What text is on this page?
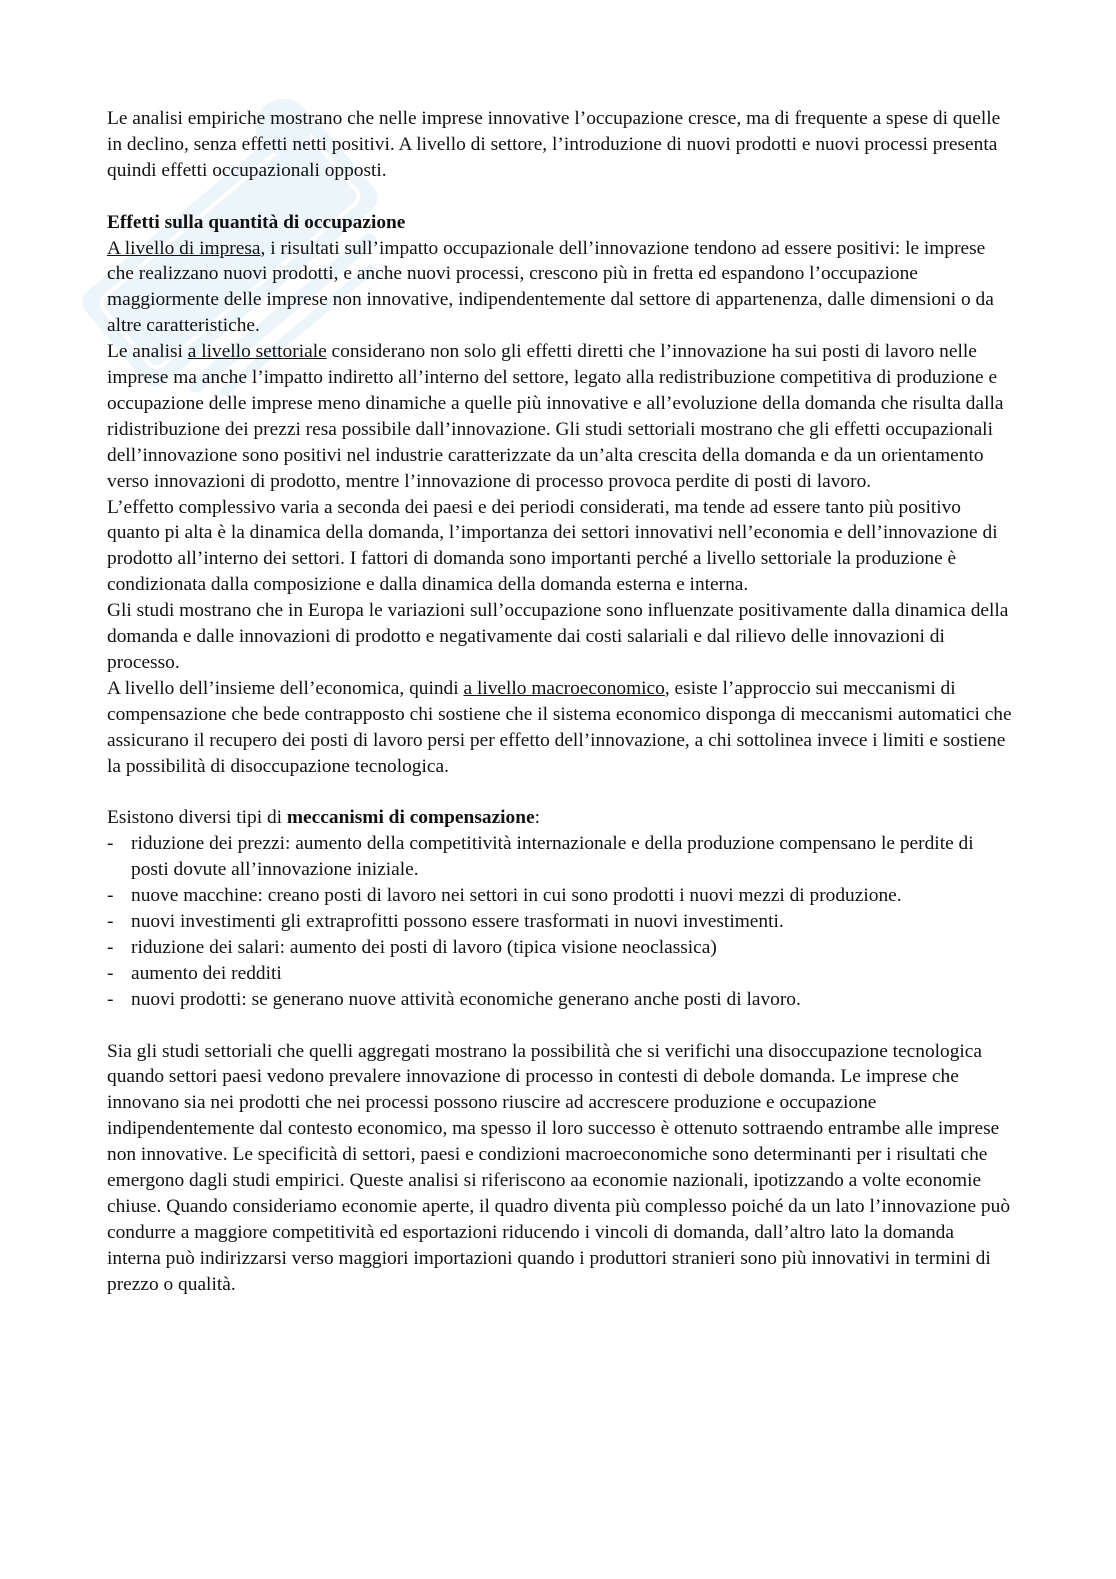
Le analisi empiriche mostrano che nelle imprese innovative l’occupazione cresce, ma di frequente a spese di quelle in declino, senza effetti netti positivi. A livello di settore, l’introduzione di nuovi prodotti e nuovi processi presenta quindi effetti occupazionali opposti.

Effetti sulla quantità di occupazione

A livello di impresa, i risultati sull’impatto occupazionale dell’innovazione tendono ad essere positivi: le imprese che realizzano nuovi prodotti, e anche nuovi processi, crescono più in fretta ed espandono l’occupazione maggiormente delle imprese non innovative, indipendentemente dal settore di appartenenza, dalle dimensioni o da altre caratteristiche.

Le analisi a livello settoriale considerano non solo gli effetti diretti che l’innovazione ha sui posti di lavoro nelle imprese ma anche l’impatto indiretto all’interno del settore, legato alla redistribuzione competitiva di produzione e occupazione delle imprese meno dinamiche a quelle più innovative e all’evoluzione della domanda che risulta dalla ridistribuzione dei prezzi resa possibile dall’innovazione. Gli studi settoriali mostrano che gli effetti occupazionali dell’innovazione sono positivi nel industrie caratterizzate da un’alta crescita della domanda e da un orientamento verso innovazioni di prodotto, mentre l’innovazione di processo provoca perdite di posti di lavoro.

L’effetto complessivo varia a seconda dei paesi e dei periodi considerati, ma tende ad essere tanto più positivo quanto pi alta è la dinamica della domanda, l’importanza dei settori innovativi nell’economia e dell’innovazione di prodotto all’interno dei settori. I fattori di domanda sono importanti perché a livello settoriale la produzione è condizionata dalla composizione e dalla dinamica della domanda esterna e interna.

Gli studi mostrano che in Europa le variazioni sull’occupazione sono influenzate positivamente dalla dinamica della domanda e dalle innovazioni di prodotto e negativamente dai costi salariali e dal rilievo delle innovazioni di processo.

A livello dell’insieme dell’economica, quindi a livello macroeconomico, esiste l’approccio sui meccanismi di compensazione che bede contrapposto chi sostiene che il sistema economico disponga di meccanismi automatici che assicurano il recupero dei posti di lavoro persi per effetto dell’innovazione, a chi sottolinea invece i limiti e sostiene la possibilità di disoccupazione tecnologica.

Esistono diversi tipi di meccanismi di compensazione:

- riduzione dei prezzi: aumento della competitività internazionale e della produzione compensano le perdite di posti dovute all’innovazione iniziale.
- nuove macchine: creano posti di lavoro nei settori in cui sono prodotti i nuovi mezzi di produzione.
- nuovi investimenti gli extraprofitti possono essere trasformati in nuovi investimenti.
- riduzione dei salari: aumento dei posti di lavoro (tipica visione neoclassica)
- aumento dei redditi
- nuovi prodotti: se generano nuove attività economiche generano anche posti di lavoro.

Sia gli studi settoriali che quelli aggregati mostrano la possibilità che si verifichi una disoccupazione tecnologica quando settori paesi vedono prevalere innovazione di processo in contesti di debole domanda. Le imprese che innovano sia nei prodotti che nei processi possono riuscire ad accrescere produzione e occupazione indipendentemente dal contesto economico, ma spesso il loro successo è ottenuto sottraendo entrambe alle imprese non innovative. Le specificità di settori, paesi e condizioni macroeconomiche sono determinanti per i risultati che emergono dagli studi empirici. Queste analisi si riferiscono aa economie nazionali, ipotizzando a volte economie chiuse. Quando consideriamo economie aperte, il quadro diventa più complesso poiché da un lato l’innovazione può condurre a maggiore competitività ed esportazioni riducendo i vincoli di domanda, dall’altro lato la domanda interna può indirizzarsi verso maggiori importazioni quando i produttori stranieri sono più innovativi in termini di prezzo o qualità.
